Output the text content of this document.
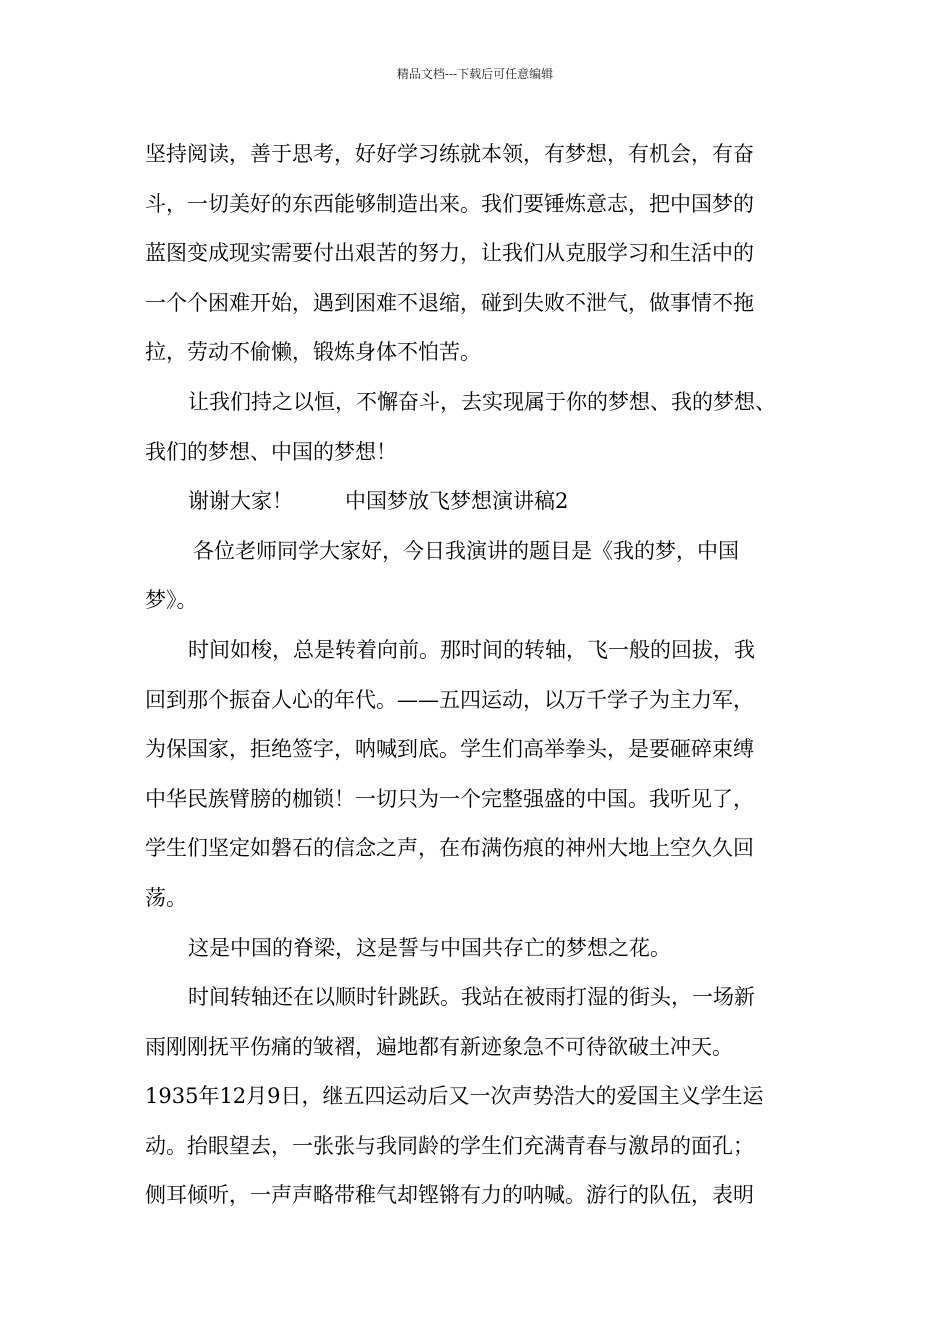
精品文档---下载后可任意编辑
坚持阅读，善于思考，好好学习练就本领，有梦想，有机会，有奋
斗，一切美好的东西能够制造出来。我们要锤炼意志，把中国梦的
蓝图变成现实需要付出艰苦的努力，让我们从克服学习和生活中的
一个个困难开始，遇到困难不退缩，碰到失败不泄气，做事情不拖
拉，劳动不偷懒，锻炼身体不怕苦。
让我们持之以恒，不懈奋斗，去实现属于你的梦想、我的梦想、
我们的梦想、中国的梦想！
谢谢大家！ 中国梦放飞梦想演讲稿2
各位老师同学大家好，今日我演讲的题目是《我的梦，中国
梦》。
时间如梭，总是转着向前。那时间的转轴，飞一般的回拔，我
回到那个振奋人心的年代。——五四运动，以万千学子为主力军，
为保国家，拒绝签字，呐喊到底。学生们高举拳头，是要砸碎束缚
中华民族臂膀的枷锁！一切只为一个完整强盛的中国。我听见了，
学生们坚定如磐石的信念之声，在布满伤痕的神州大地上空久久回
荡。
这是中国的脊梁，这是誓与中国共存亡的梦想之花。
时间转轴还在以顺时针跳跃。我站在被雨打湿的街头，一场新
雨刚刚抚平伤痛的皱褶，遍地都有新迹象急不可待欲破土冲天。
1935年12月9日，继五四运动后又一次声势浩大的爱国主义学生运
动。抬眼望去，一张张与我同龄的学生们充满青春与激昂的面孔；
侧耳倾听，一声声略带稚气却铿锵有力的呐喊。游行的队伍，表明
